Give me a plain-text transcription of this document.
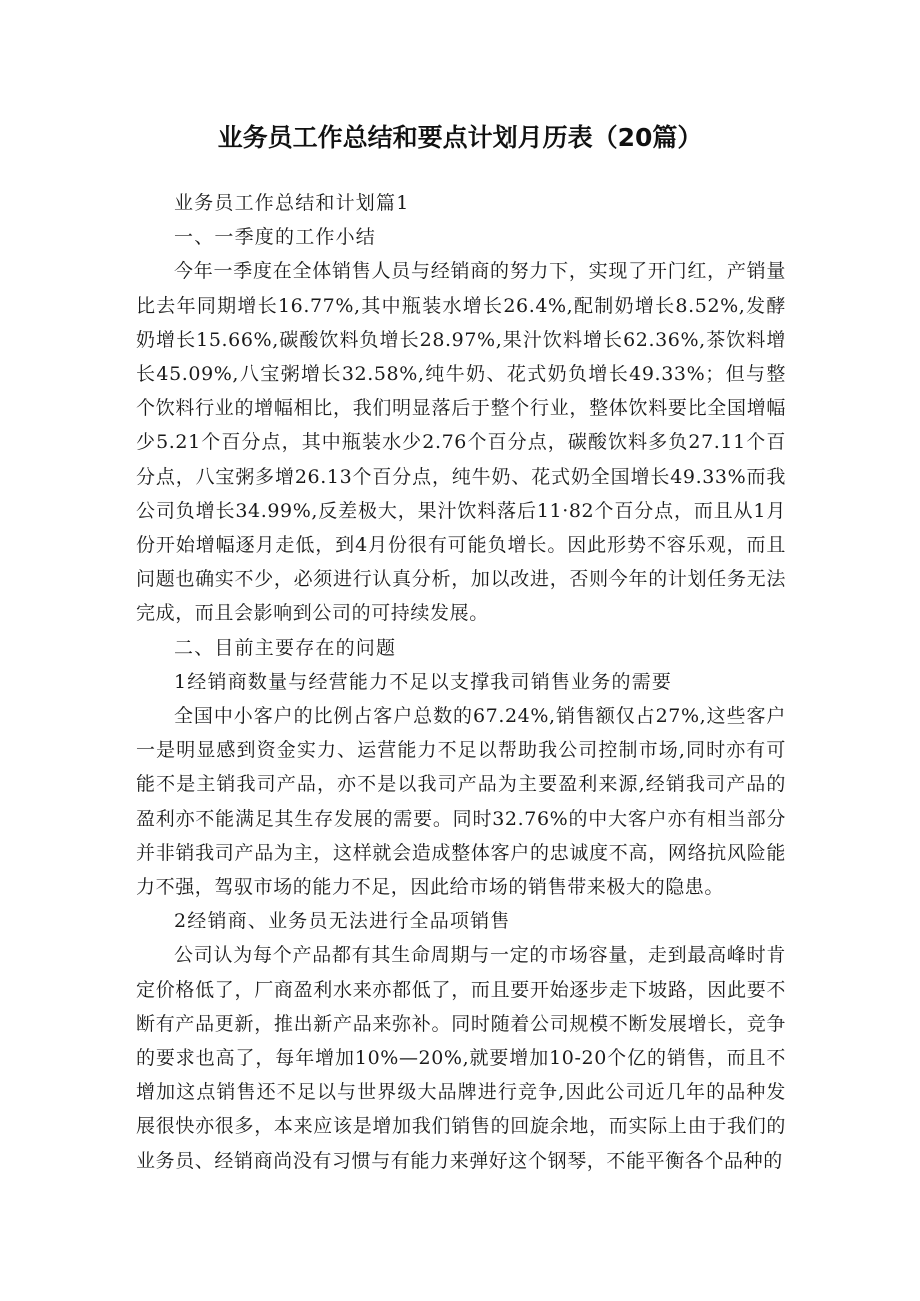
业务员工作总结和要点计划月历表（20篇）

业务员工作总结和计划篇1

一、一季度的工作小结

今年一季度在全体销售人员与经销商的努力下，实现了开门红，产销量比去年同期增长16.77%,其中瓶装水增长26.4%,配制奶增长8.52%,发酵奶增长15.66%,碳酸饮料负增长28.97%,果汁饮料增长62.36%,茶饮料增长45.09%,八宝粥增长32.58%,纯牛奶、花式奶负增长49.33%；但与整个饮料行业的增幅相比，我们明显落后于整个行业，整体饮料要比全国增幅少5.21个百分点，其中瓶装水少2.76个百分点，碳酸饮料多负27.11个百分点，八宝粥多增26.13个百分点，纯牛奶、花式奶全国增长49.33%而我公司负增长34.99%,反差极大，果汁饮料落后11·82个百分点，而且从1月份开始增幅逐月走低，到4月份很有可能负增长。因此形势不容乐观，而且问题也确实不少，必须进行认真分析，加以改进，否则今年的计划任务无法完成，而且会影响到公司的可持续发展。

二、目前主要存在的问题

1经销商数量与经营能力不足以支撑我司销售业务的需要

全国中小客户的比例占客户总数的67.24%,销售额仅占27%,这些客户一是明显感到资金实力、运营能力不足以帮助我公司控制市场,同时亦有可能不是主销我司产品，亦不是以我司产品为主要盈利来源,经销我司产品的盈利亦不能满足其生存发展的需要。同时32.76%的中大客户亦有相当部分并非销我司产品为主，这样就会造成整体客户的忠诚度不高，网络抗风险能力不强，驾驭市场的能力不足，因此给市场的销售带来极大的隐患。

2经销商、业务员无法进行全品项销售

公司认为每个产品都有其生命周期与一定的市场容量，走到最高峰时肯定价格低了，厂商盈利水来亦都低了，而且要开始逐步走下坡路，因此要不断有产品更新，推出新产品来弥补。同时随着公司规模不断发展增长，竞争的要求也高了，每年增加10%—20%,就要增加10-20个亿的销售，而且不增加这点销售还不足以与世界级大品牌进行竞争,因此公司近几年的品种发展很快亦很多，本来应该是增加我们销售的回旋余地，而实际上由于我们的业务员、经销商尚没有习惯与有能力来弹好这个钢琴，不能平衡各个品种的
